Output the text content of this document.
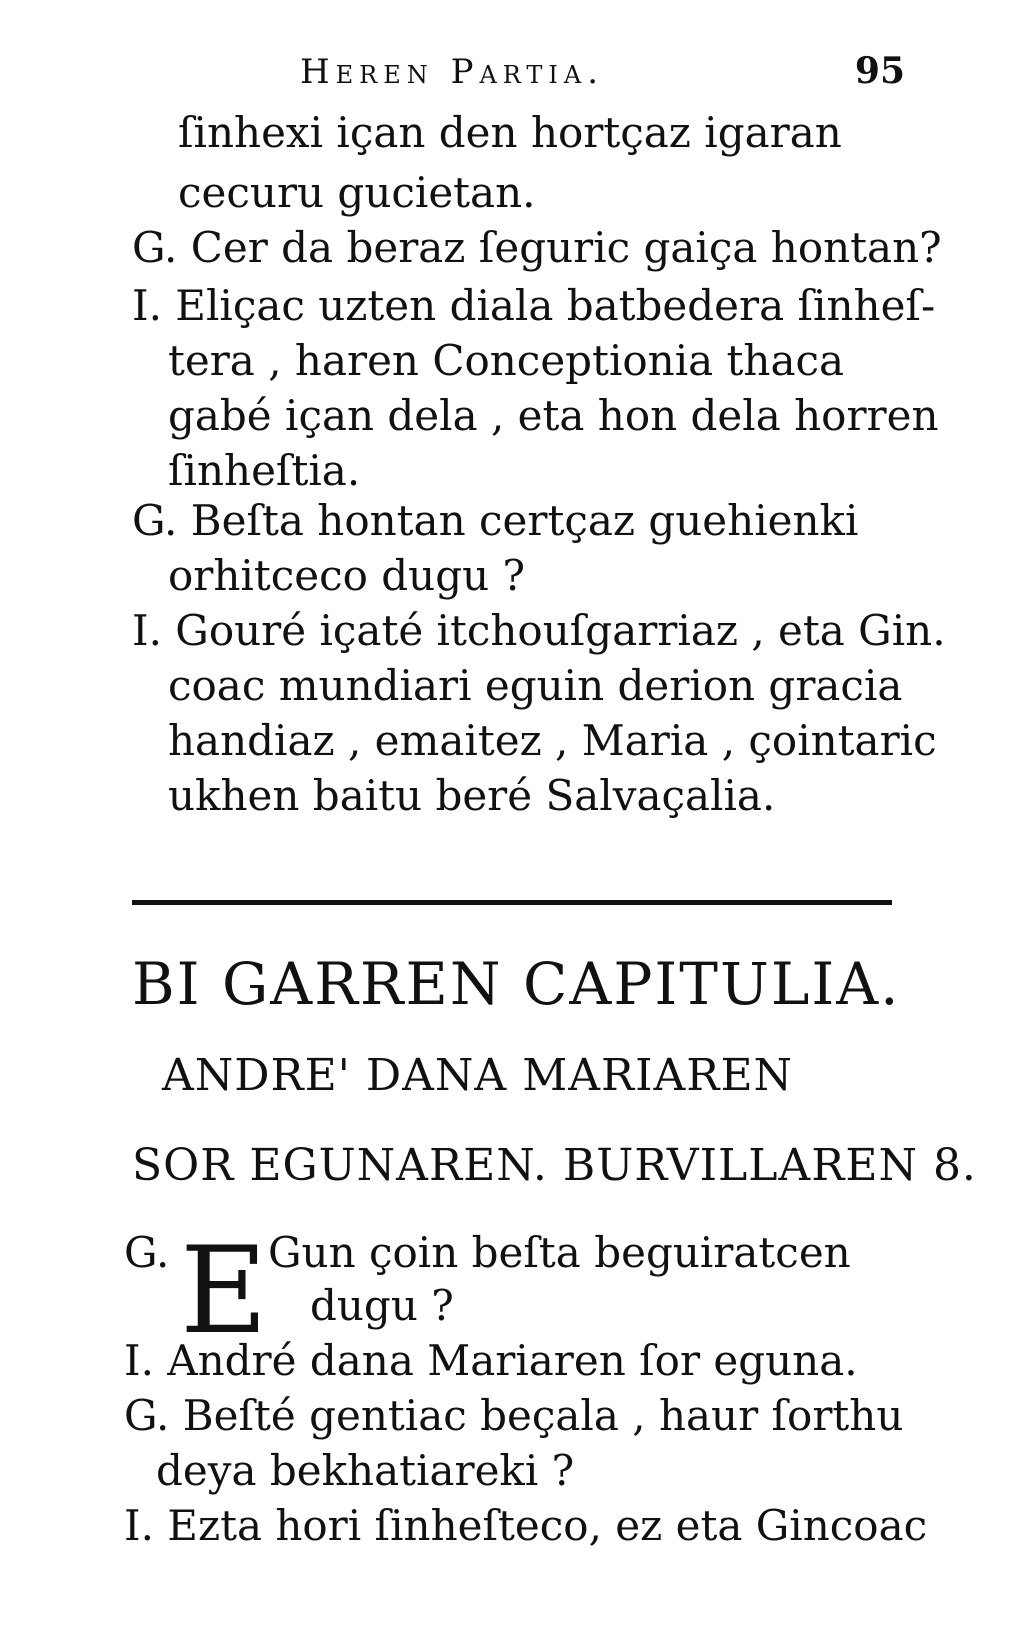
Heren Partia.	95
ſinhexi içan den hortçaz igaran
cecuru gucietan.
G. Cer da beraz ſeguric gaiça hontan?
I. Eliçac uzten diala batbedera ſinheſ-
tera , haren Conceptionia thaca
gabé içan dela , eta hon dela horren
ſinheſtia.
G. Beſta hontan certçaz guehienki
orhitceco dugu ?
I. Gouré içaté itchouſgarriaz , eta Gin.
coac mundiari eguin derion gracia
handiaz , emaitez , Maria , çointaric
ukhen baitu beré Salvaçalia.
BI GARREN CAPITULIA.
ANDRE' DANA MARIAREN
SOR EGUNAREN. BURVILLAREN 8.
G. E Gun çoin beſta beguiratcen
dugu ?
I. André dana Mariaren ſor eguna.
G. Beſté gentiac beçala , haur ſorthu
deya bekhatiareki ?
I. Ezta hori ſinheſteco, ez eta Gincoac
